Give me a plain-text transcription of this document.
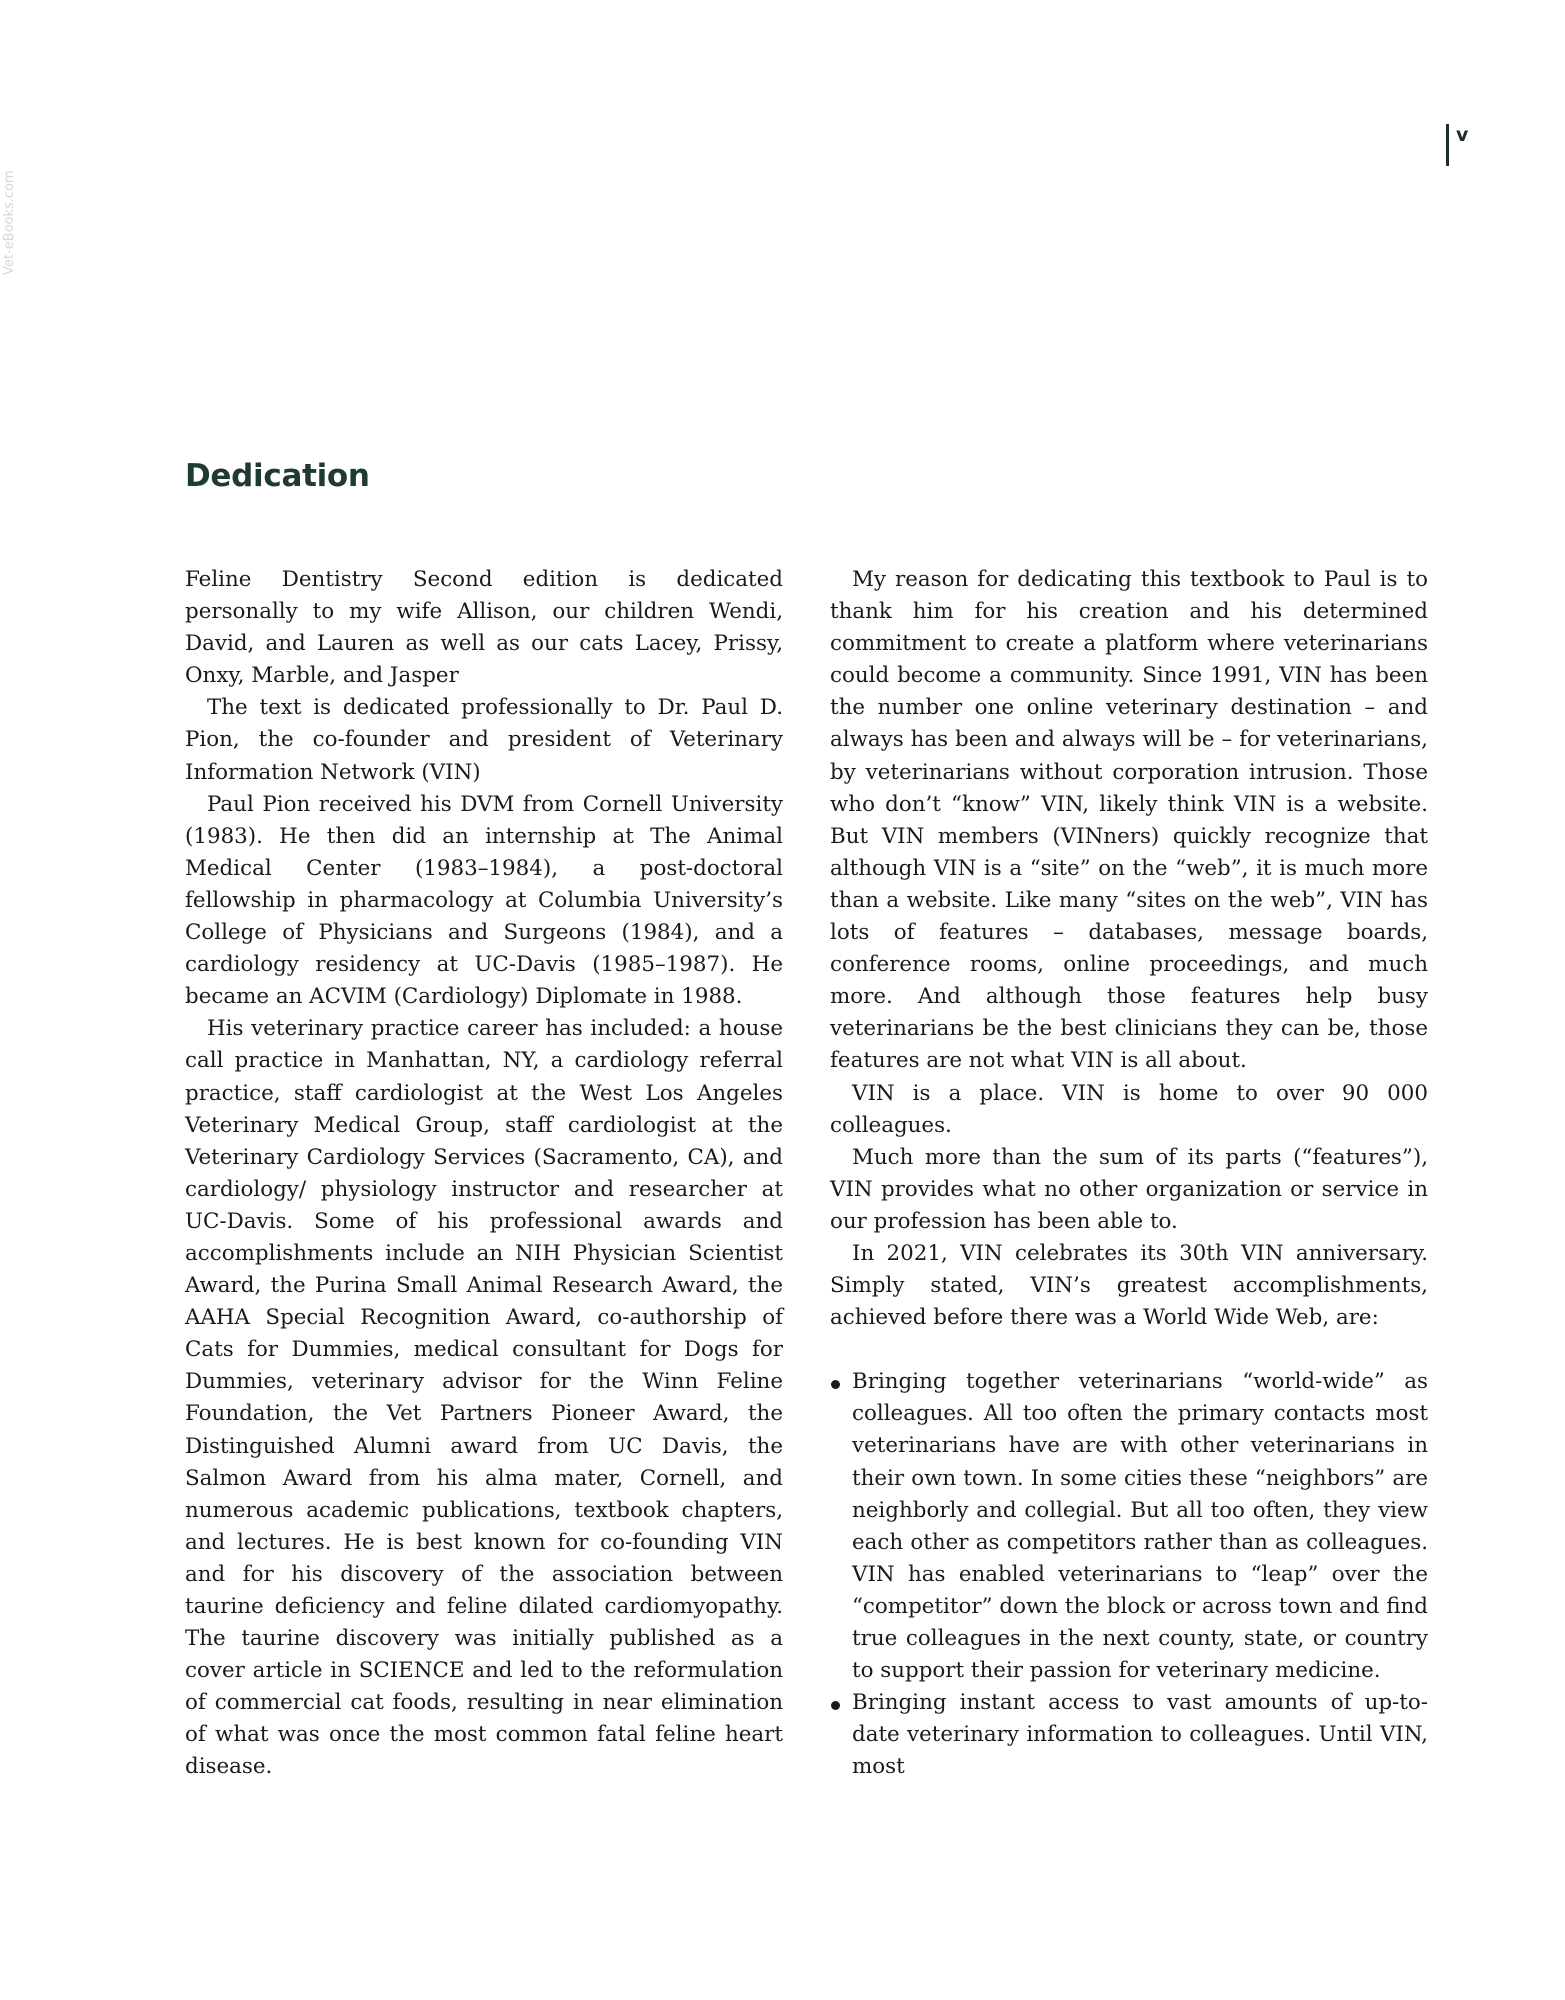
Vet-eBooks.com
v
Dedication

Feline Dentistry Second edition is dedicated personally to my wife Allison, our children Wendi, David, and Lauren as well as our cats Lacey, Prissy, Onxy, Marble, and Jasper

The text is dedicated professionally to Dr. Paul D. Pion, the co-founder and president of Veterinary Information Network (VIN)

Paul Pion received his DVM from Cornell University (1983). He then did an internship at The Animal Medical Center (1983–1984), a post-doctoral fellowship in pharmacology at Columbia University’s College of Physicians and Surgeons (1984), and a cardiology residency at UC-Davis (1985–1987). He became an ACVIM (Cardiology) Diplomate in 1988.

His veterinary practice career has included: a house call practice in Manhattan, NY, a cardiology referral practice, staff cardiologist at the West Los Angeles Veterinary Medical Group, staff cardiologist at the Veterinary Cardiology Services (Sacramento, CA), and cardiology/ physiology instructor and researcher at UC-Davis. Some of his professional awards and accomplishments include an NIH Physician Scientist Award, the Purina Small Animal Research Award, the AAHA Special Recognition Award, co-authorship of Cats for Dummies, medical consultant for Dogs for Dummies, veterinary advisor for the Winn Feline Foundation, the Vet Partners Pioneer Award, the Distinguished Alumni award from UC Davis, the Salmon Award from his alma mater, Cornell, and numerous academic publications, textbook chapters, and lectures. He is best known for co-founding VIN and for his discovery of the association between taurine deficiency and feline dilated cardiomyopathy. The taurine discovery was initially published as a cover article in SCIENCE and led to the reformulation of commercial cat foods, resulting in near elimination of what was once the most common fatal feline heart disease.

My reason for dedicating this textbook to Paul is to thank him for his creation and his determined commitment to create a platform where veterinarians could become a community. Since 1991, VIN has been the number one online veterinary destination – and always has been and always will be – for veterinarians, by veterinarians without corporation intrusion. Those who don’t “know” VIN, likely think VIN is a website. But VIN members (VINners) quickly recognize that although VIN is a “site” on the “web”, it is much more than a website. Like many “sites on the web”, VIN has lots of features – databases, message boards, conference rooms, online proceedings, and much more. And although those features help busy veterinarians be the best clinicians they can be, those features are not what VIN is all about.

VIN is a place. VIN is home to over 90 000 colleagues.

Much more than the sum of its parts (“features”), VIN provides what no other organization or service in our profession has been able to.

In 2021, VIN celebrates its 30th VIN anniversary. Simply stated, VIN’s greatest accomplishments, achieved before there was a World Wide Web, are:

Bringing together veterinarians “world-wide” as colleagues. All too often the primary contacts most veterinarians have are with other veterinarians in their own town. In some cities these “neighbors” are neighborly and collegial. But all too often, they view each other as competitors rather than as colleagues. VIN has enabled veterinarians to “leap” over the “competitor” down the block or across town and find true colleagues in the next county, state, or country to support their passion for veterinary medicine.
Bringing instant access to vast amounts of up-to-date veterinary information to colleagues. Until VIN, most
